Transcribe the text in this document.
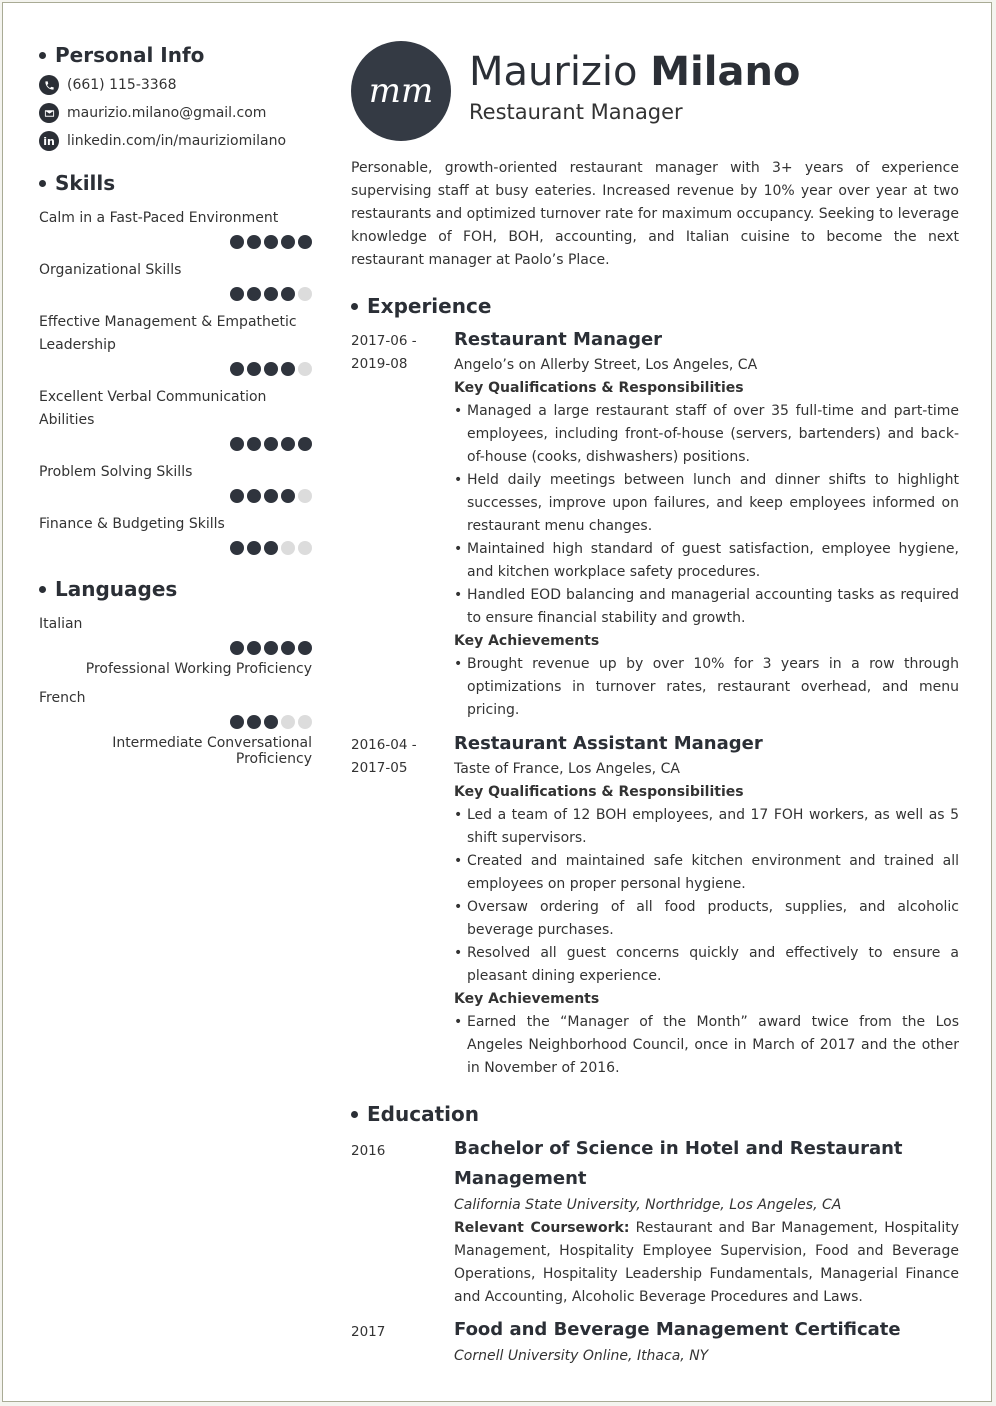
Personal Info
(661) 115-3368
maurizio.milano@gmail.com
in linkedin.com/in/mauriziomilano
Skills
Calm in a Fast-Paced Environment
Organizational Skills
Effective Management & Empathetic Leadership
Excellent Verbal Communication Abilities
Problem Solving Skills
Finance & Budgeting Skills
Languages
Italian
Professional Working Proficiency
French
Intermediate Conversational Proficiency
mm Maurizio Milano
Restaurant Manager
Personable, growth-oriented restaurant manager with 3+ years of experience supervising staff at busy eateries. Increased revenue by 10% year over year at two restaurants and optimized turnover rate for maximum occupancy. Seeking to leverage knowledge of FOH, BOH, accounting, and Italian cuisine to become the next restaurant manager at Paolo’s Place.
Experience
2017-06 - 2019-08
Restaurant Manager
Angelo’s on Allerby Street, Los Angeles, CA
Key Qualifications & Responsibilities
• Managed a large restaurant staff of over 35 full-time and part-time employees, including front-of-house (servers, bartenders) and back-of-house (cooks, dishwashers) positions.
• Held daily meetings between lunch and dinner shifts to highlight successes, improve upon failures, and keep employees informed on restaurant menu changes.
• Maintained high standard of guest satisfaction, employee hygiene, and kitchen workplace safety procedures.
• Handled EOD balancing and managerial accounting tasks as required to ensure financial stability and growth.
Key Achievements
• Brought revenue up by over 10% for 3 years in a row through optimizations in turnover rates, restaurant overhead, and menu pricing.
2016-04 - 2017-05
Restaurant Assistant Manager
Taste of France, Los Angeles, CA
Key Qualifications & Responsibilities
• Led a team of 12 BOH employees, and 17 FOH workers, as well as 5 shift supervisors.
• Created and maintained safe kitchen environment and trained all employees on proper personal hygiene.
• Oversaw ordering of all food products, supplies, and alcoholic beverage purchases.
• Resolved all guest concerns quickly and effectively to ensure a pleasant dining experience.
Key Achievements
• Earned the “Manager of the Month” award twice from the Los Angeles Neighborhood Council, once in March of 2017 and the other in November of 2016.
Education
2016	Bachelor of Science in Hotel and Restaurant Management
California State University, Northridge, Los Angeles, CA
Relevant Coursework: Restaurant and Bar Management, Hospitality Management, Hospitality Employee Supervision, Food and Beverage Operations, Hospitality Leadership Fundamentals, Managerial Finance and Accounting, Alcoholic Beverage Procedures and Laws.
2017	Food and Beverage Management Certificate
Cornell University Online, Ithaca, NY
